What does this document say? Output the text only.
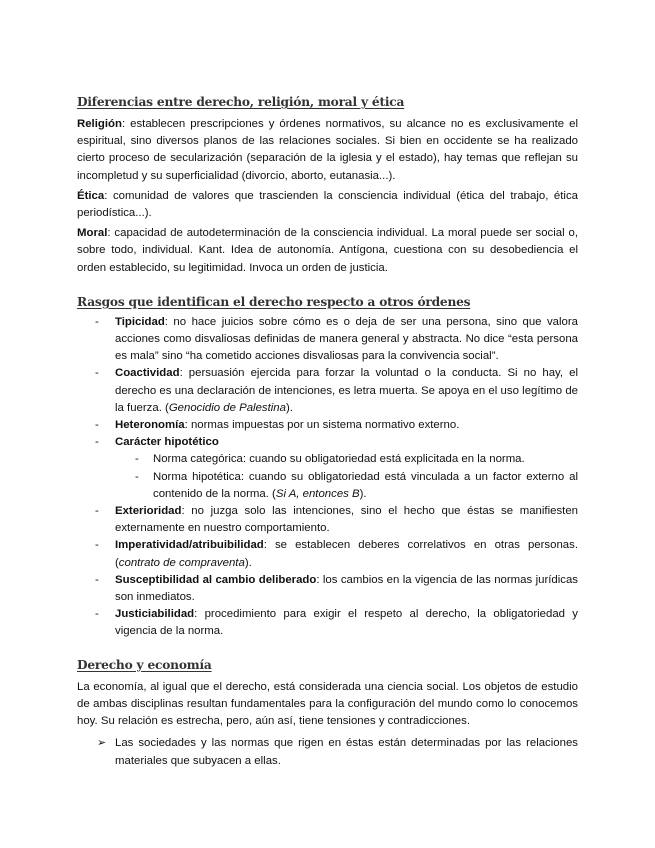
Diferencias entre derecho, religión, moral y ética

Religión: establecen prescripciones y órdenes normativos, su alcance no es exclusivamente el espiritual, sino diversos planos de las relaciones sociales. Si bien en occidente se ha realizado cierto proceso de secularización (separación de la iglesia y el estado), hay temas que reflejan su incompletud y su superficialidad (divorcio, aborto, eutanasia...).

Ética: comunidad de valores que trascienden la consciencia individual (ética del trabajo, ética periodística...).

Moral: capacidad de autodeterminación de la consciencia individual. La moral puede ser social o, sobre todo, individual. Kant. Idea de autonomía. Antígona, cuestiona con su desobediencia el orden establecido, su legitimidad. Invoca un orden de justicia.

Rasgos que identifican el derecho respecto a otros órdenes
- Tipicidad: no hace juicios sobre cómo es o deja de ser una persona, sino que valora acciones como disvaliosas definidas de manera general y abstracta. No dice “esta persona es mala” sino “ha cometido acciones disvaliosas para la convivencia social”.
- Coactividad: persuasión ejercida para forzar la voluntad o la conducta. Si no hay, el derecho es una declaración de intenciones, es letra muerta. Se apoya en el uso legítimo de la fuerza. (Genocidio de Palestina).
- Heteronomía: normas impuestas por un sistema normativo externo.
- Carácter hipotético
- Norma categórica: cuando su obligatoriedad está explicitada en la norma.
- Norma hipotética: cuando su obligatoriedad está vinculada a un factor externo al contenido de la norma. (Si A, entonces B).
- Exterioridad: no juzga solo las intenciones, sino el hecho que éstas se manifiesten externamente en nuestro comportamiento.
- Imperatividad/atribuibilidad: se establecen deberes correlativos en otras personas. (contrato de compraventa).
- Susceptibilidad al cambio deliberado: los cambios en la vigencia de las normas jurídicas son inmediatos.
- Justiciabilidad: procedimiento para exigir el respeto al derecho, la obligatoriedad y vigencia de la norma.
Derecho y economía

La economía, al igual que el derecho, está considerada una ciencia social. Los objetos de estudio de ambas disciplinas resultan fundamentales para la configuración del mundo como lo conocemos hoy. Su relación es estrecha, pero, aún así, tiene tensiones y contradicciones.

➢ Las sociedades y las normas que rigen en éstas están determinadas por las relaciones materiales que subyacen a ellas.
